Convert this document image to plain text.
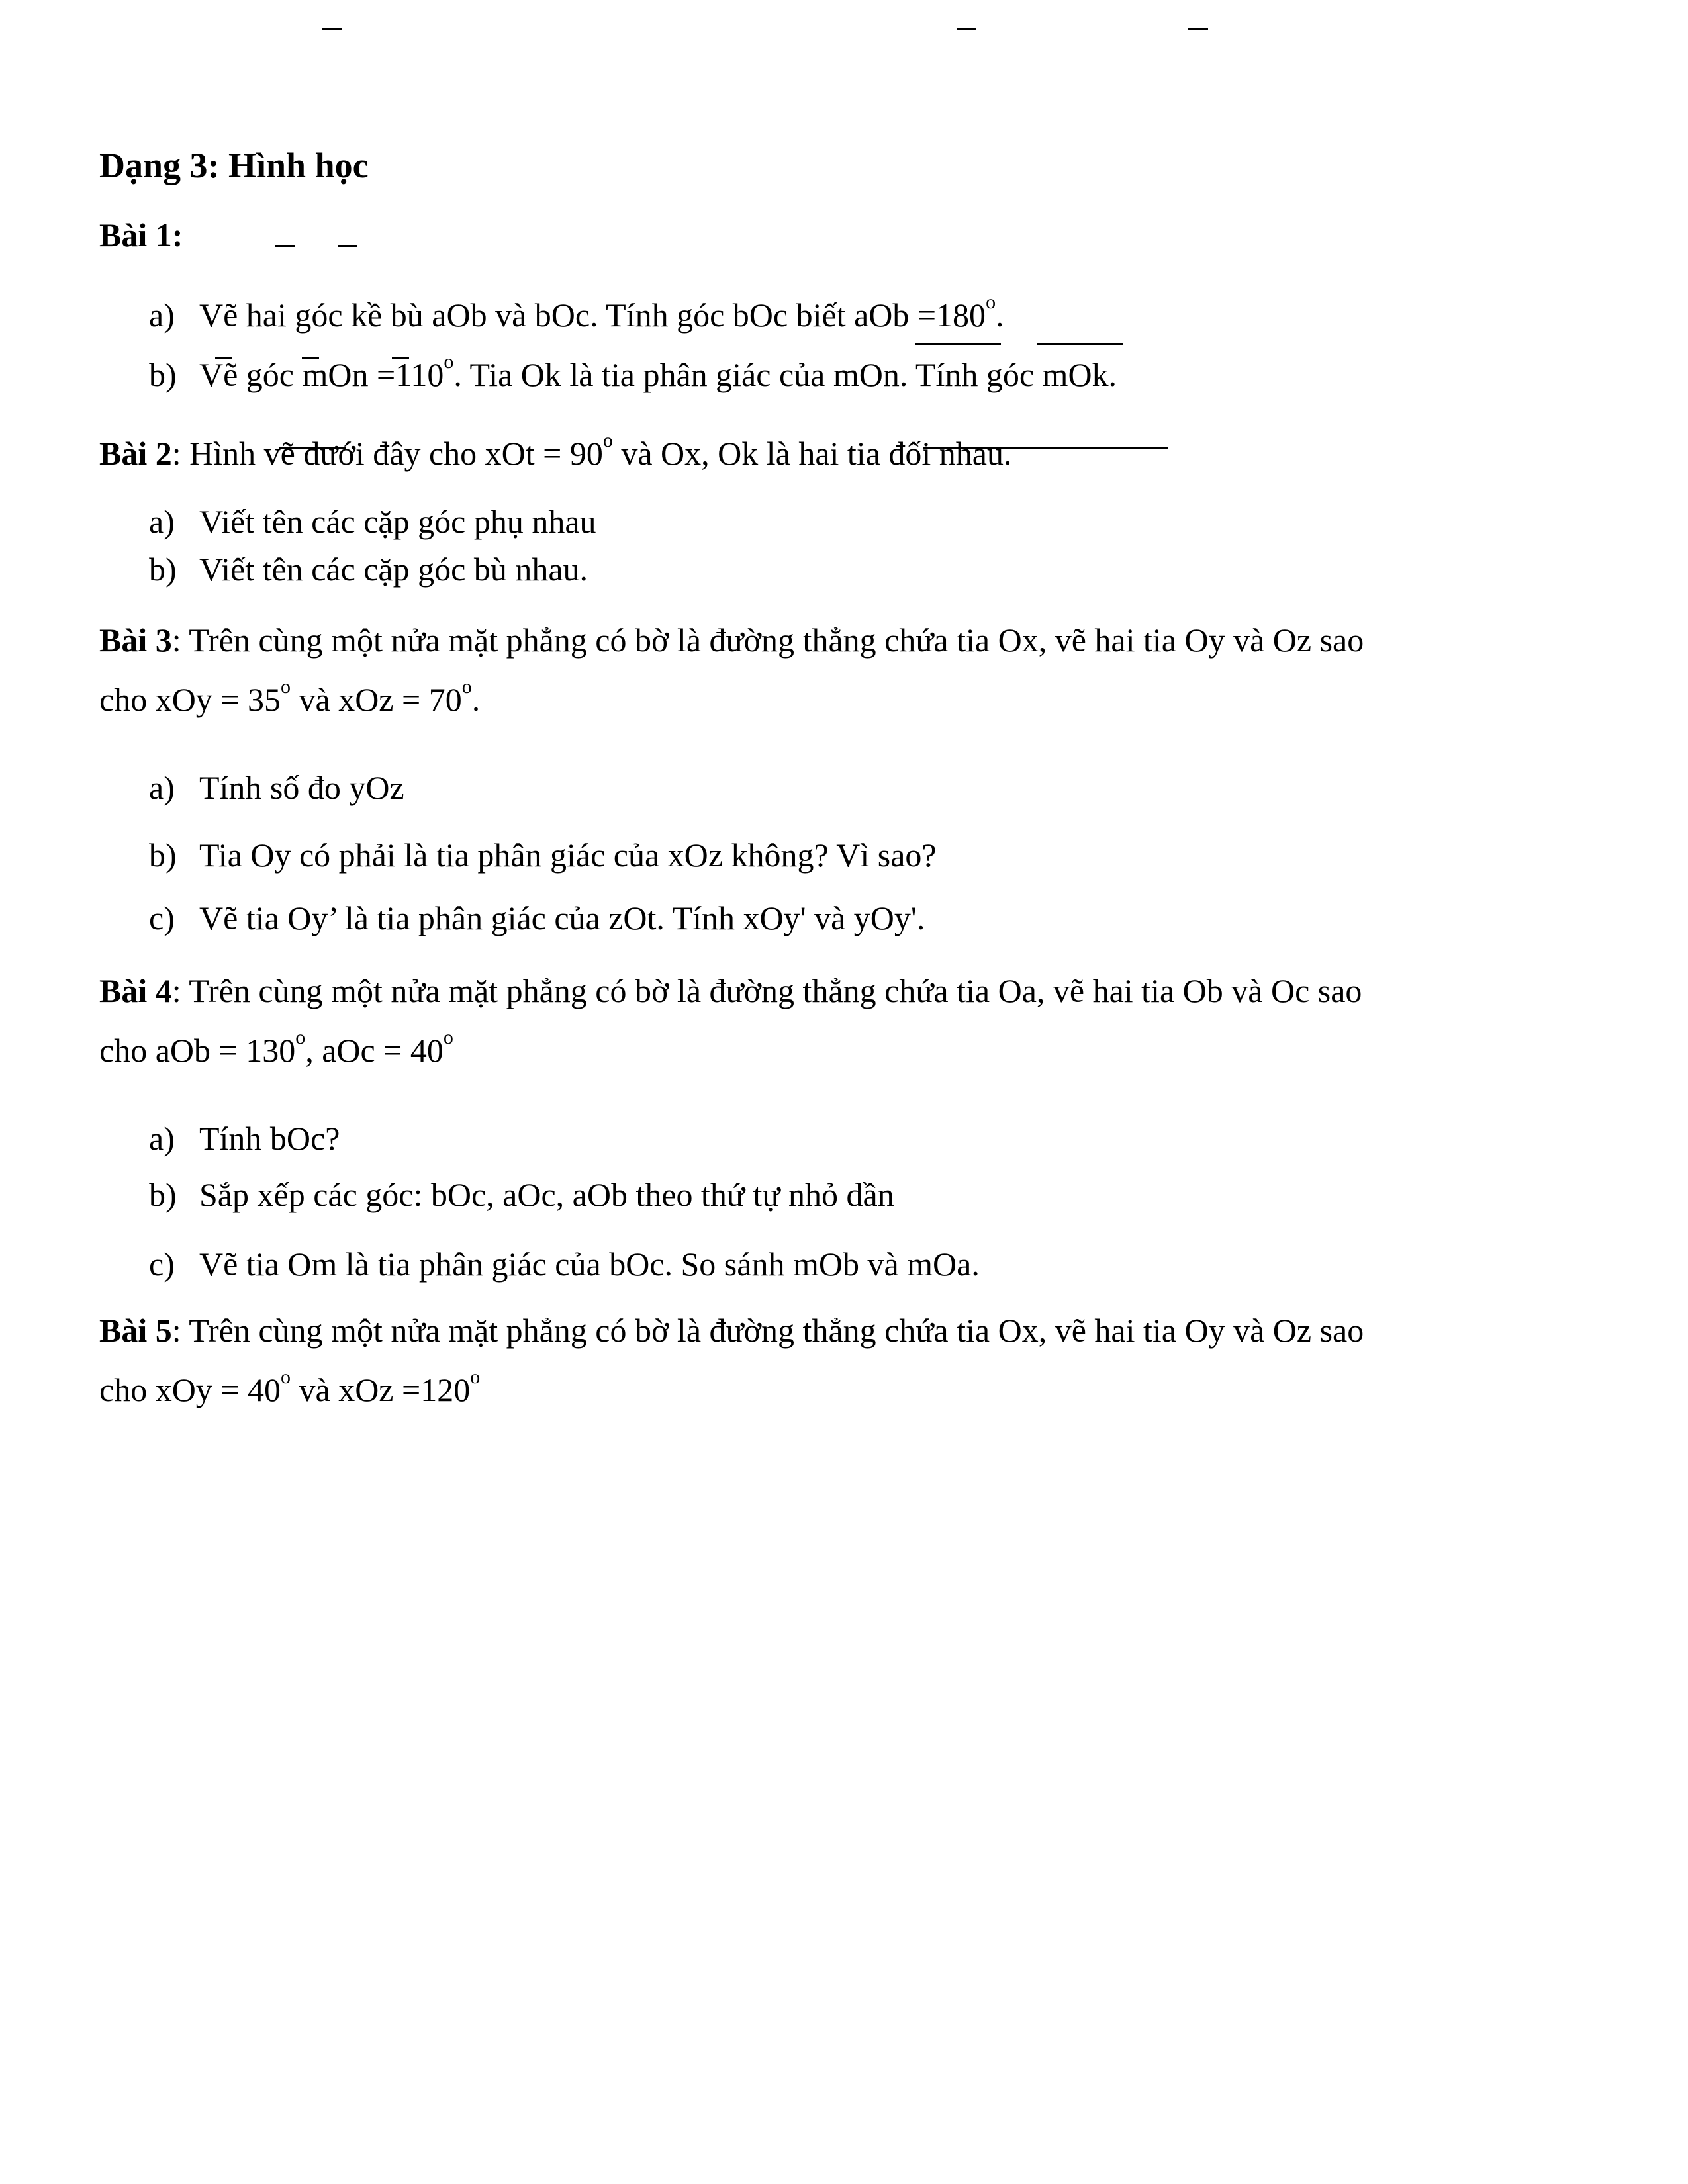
Dạng 3: Hình học
Bài 1:
a) Vẽ hai góc kề bù aOb và bOc. Tính góc bOc biết aOb $=180^o$.
b) Vẽ góc mOn $=110^o$. Tia Ok là tia phân giác của mOn. Tính góc mOk.
Bài 2: Hình vẽ dưới đây cho xOt = $90^o$ và Ox, Ok là hai tia đối nhau.
a) Viết tên các cặp góc phụ nhau
b) Viết tên các cặp góc bù nhau.
Bài 3: Trên cùng một nửa mặt phẳng có bờ là đường thẳng chứa tia Ox, vẽ hai tia Oy và Oz sao
cho xOy = $35^o$ và xOz = $70^o$.
a) Tính số đo yOz
b) Tia Oy có phải là tia phân giác của xOz không? Vì sao?
c) Vẽ tia Oy’ là tia phân giác của zOt. Tính xOy' và yOy'.
Bài 4: Trên cùng một nửa mặt phẳng có bờ là đường thẳng chứa tia Oa, vẽ hai tia Ob và Oc sao
cho aOb = $130^o$, aOc = $40^o$
a) Tính bOc?
b) Sắp xếp các góc: bOc, aOc, aOb theo thứ tự nhỏ dần
c) Vẽ tia Om là tia phân giác của bOc. So sánh mOb và mOa.
Bài 5: Trên cùng một nửa mặt phẳng có bờ là đường thẳng chứa tia Ox, vẽ hai tia Oy và Oz sao
cho xOy = $40^o$ và xOz $=120^o$
